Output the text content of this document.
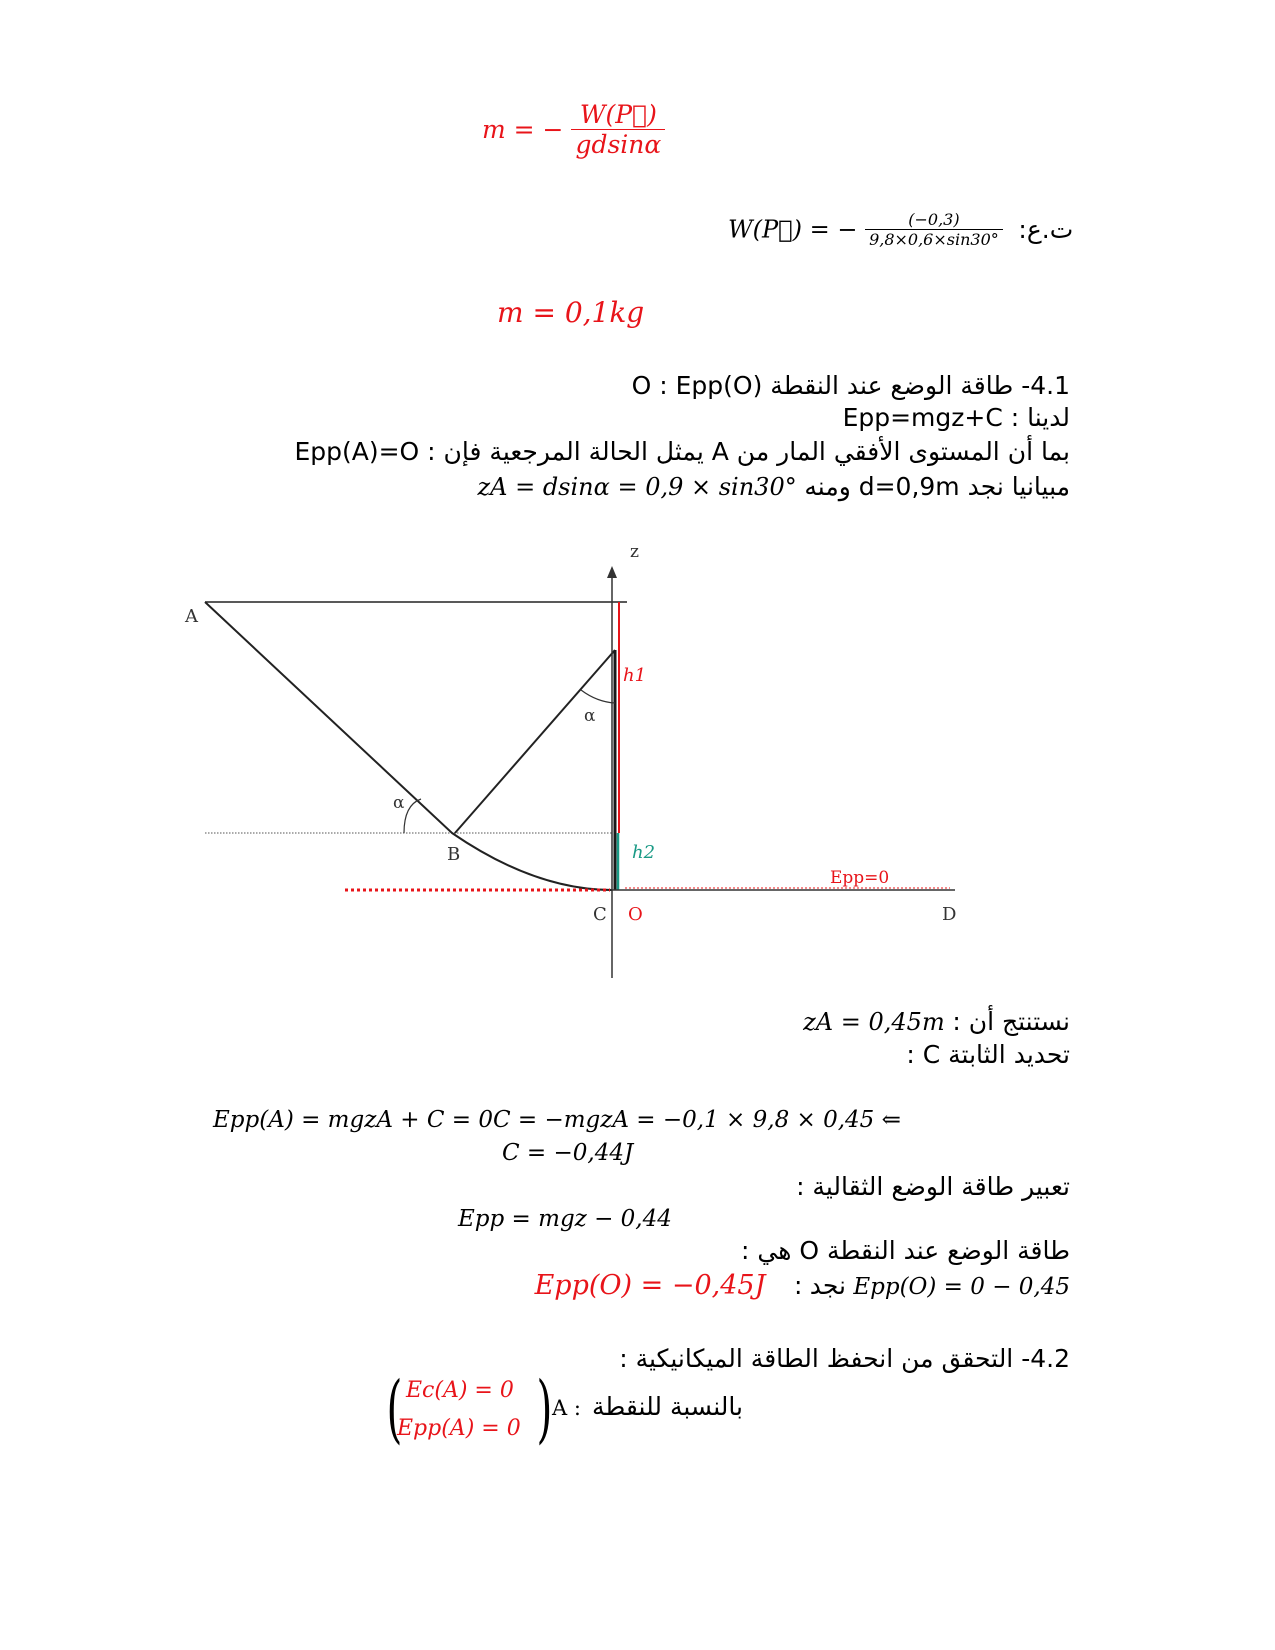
m = − $\frac{W(P⃗)}{gdsin\alpha}$
W(P⃗) = − $\frac{(-0,3)}{9,8\times 0,6\times\sin 30^\circ}$ ت.ع:
m = 0,1kg
4.1- طاقة الوضع عند النقطة O : Epp(O)
لدينا : Epp=mgz+C
بما أن المستوى الأفقي المار من A يمثل الحالة المرجعية فإن : Epp(A)=O
zA = dsinα = 0,9 × sin30° مبيانيا نجد d=0,9m ومنه
z
A
B
C O	D
α
α
h1
h2
Epp=0
zA = 0,45m نستنتج أن :
تحديد الثابتة C :
Epp(A) = mgzA + C = 0C = −mgzA = −0,1 × 9,8 × 0,45 ⇐
C = −0,44J
تعبير طاقة الوضع الثقالية :
Epp = mgz − 0,44
طاقة الوضع عند النقطة O هي :
Epp(O) = −0,45J : نجد Epp(O) = 0 − 0,45
4.2- التحقق من انحفظ الطاقة الميكانيكية :
( Ec(A) = 0
Epp(A) = 0 ) A : بالنسبة للنقطة
